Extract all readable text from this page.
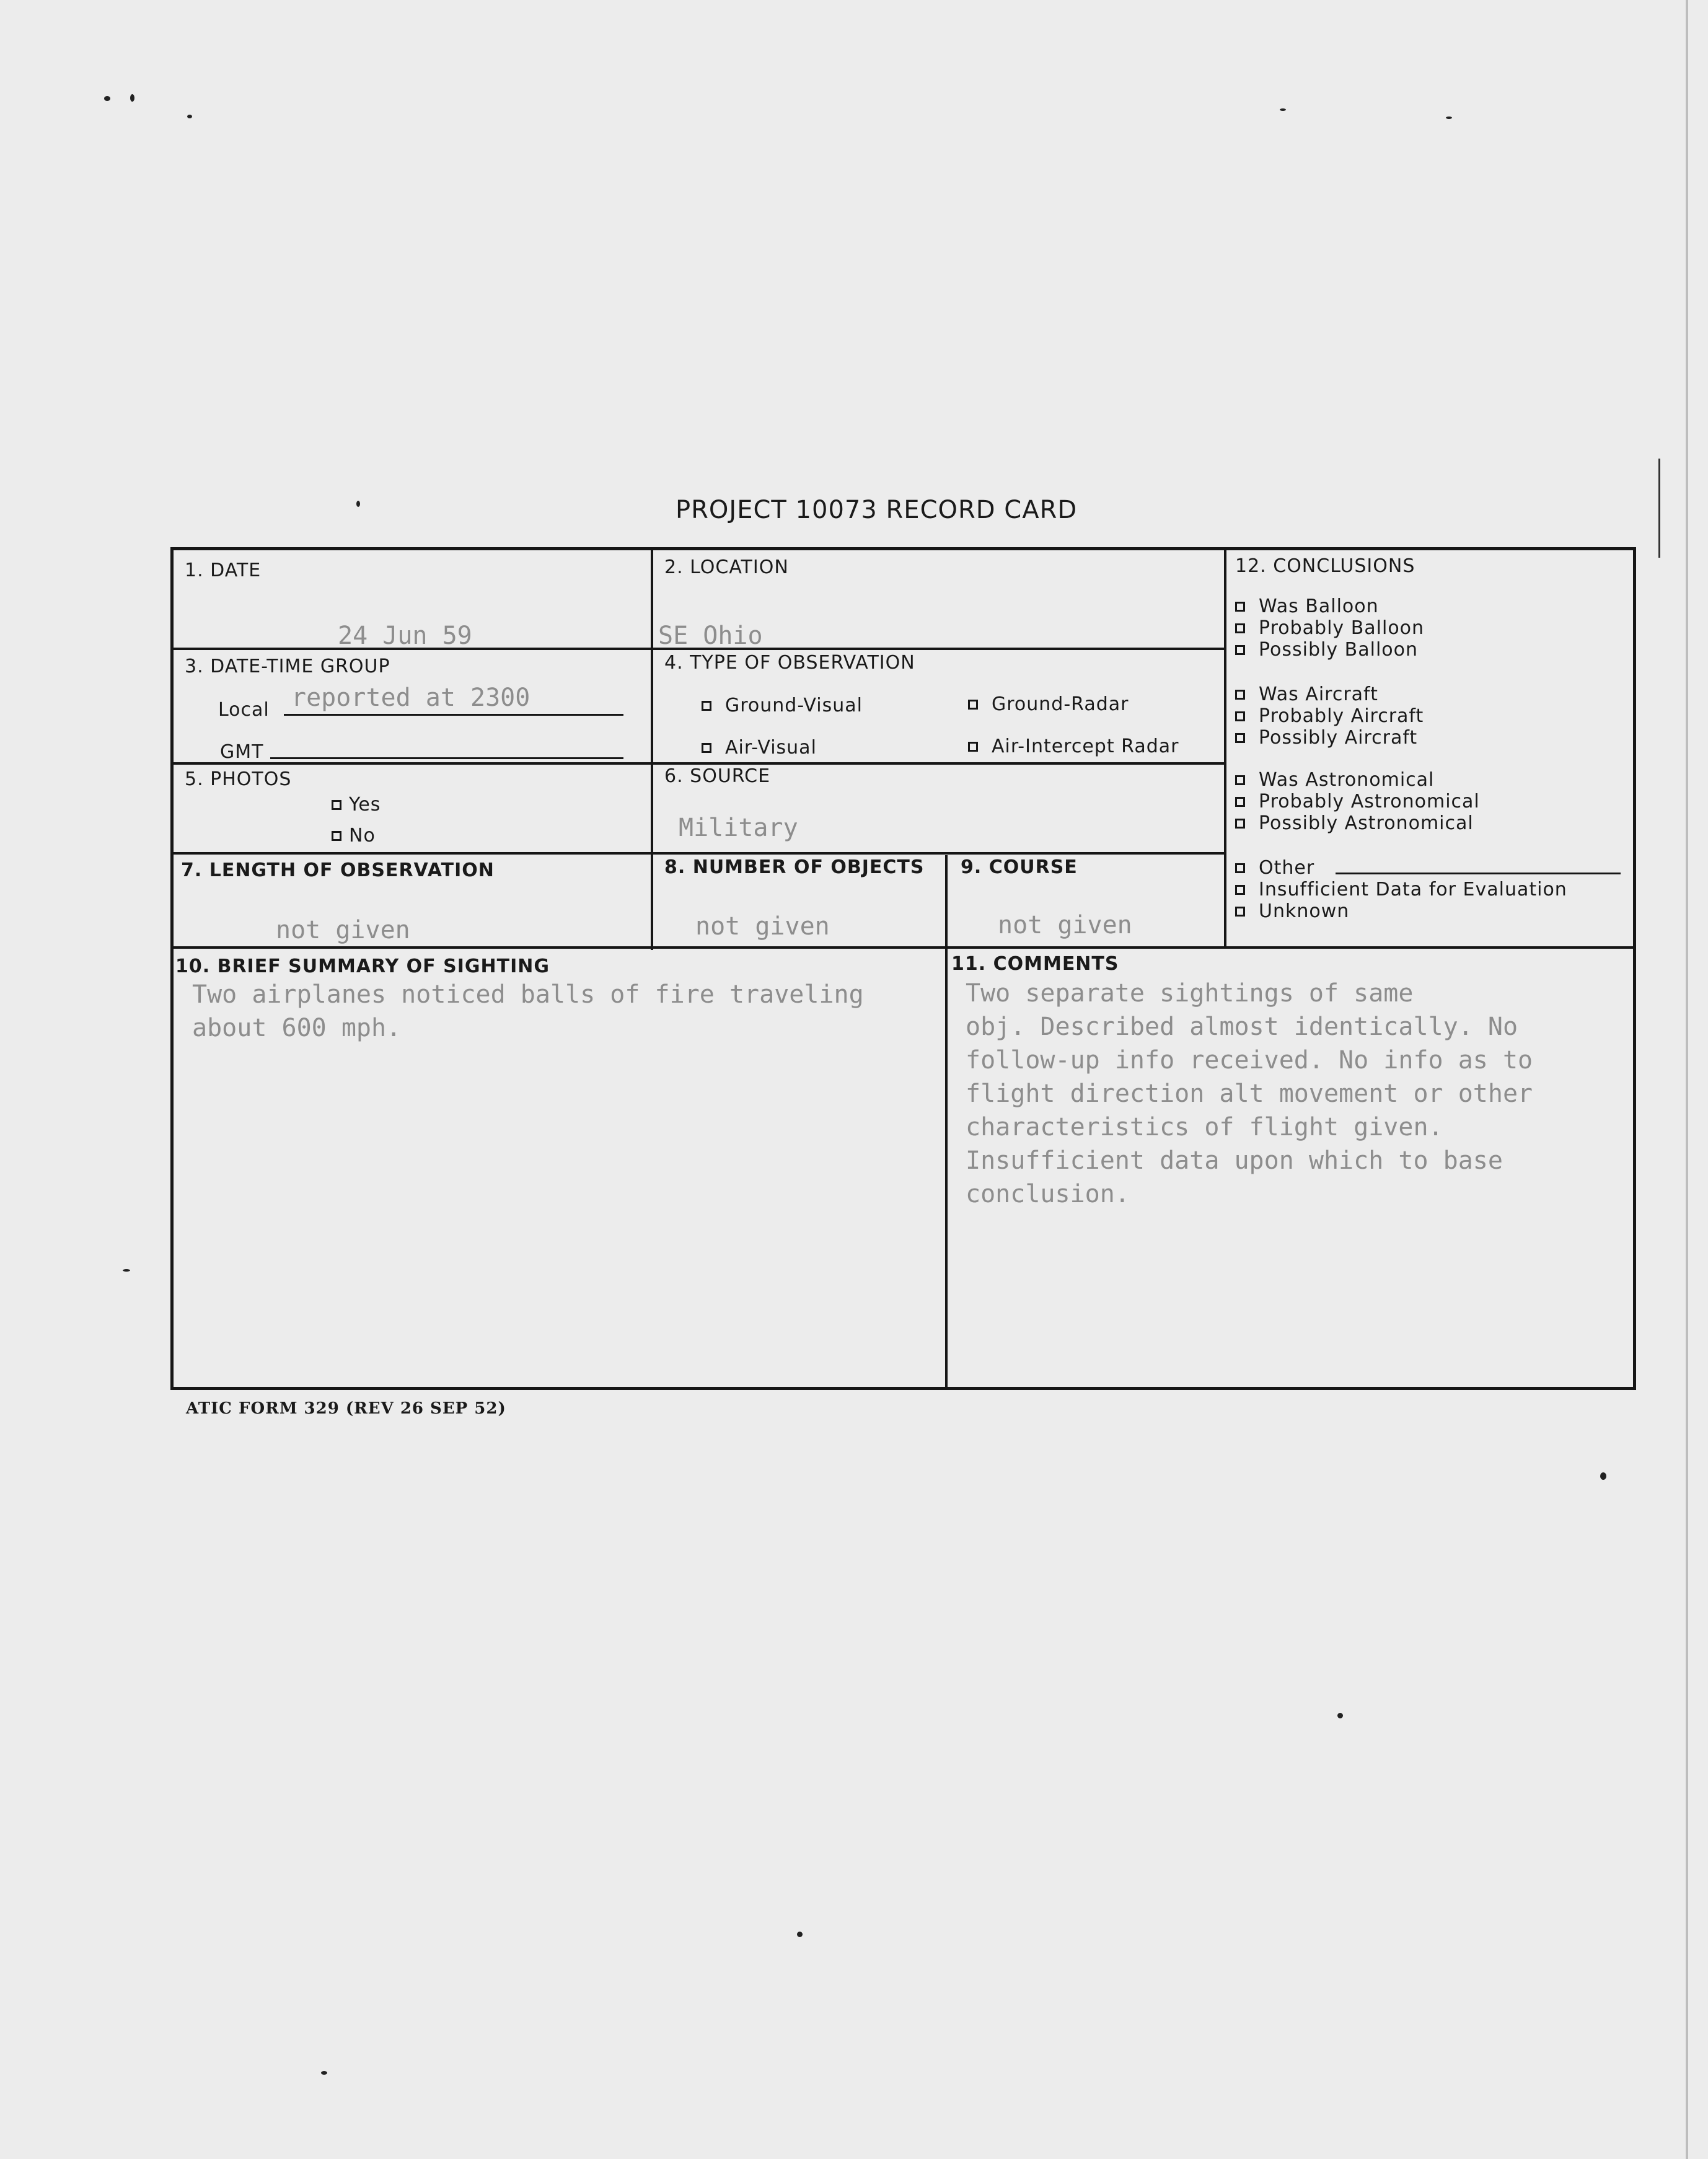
PROJECT 10073 RECORD CARD
1. DATE
24 Jun 59
2. LOCATION
SE Ohio
3. DATE-TIME GROUP
Local reported at 2300
GMT
4. TYPE OF OBSERVATION
Ground-Visual	Ground-Radar
Air-Visual	Air-Intercept Radar
5. PHOTOS
Yes
No
6. SOURCE
Military
7. LENGTH OF OBSERVATION
not given
8. NUMBER OF OBJECTS
not given
9. COURSE
not given
10. BRIEF SUMMARY OF SIGHTING
Two airplanes noticed balls of fire traveling
about 600 mph.
11. COMMENTS
Two separate sightings of same
obj. Described almost identically. No
follow-up info received. No info as to
flight direction alt movement or other
characteristics of flight given.
Insufficient data upon which to base
conclusion.
12. CONCLUSIONS
Was Balloon
Probably Balloon
Possibly Balloon
Was Aircraft
Probably Aircraft
Possibly Aircraft
Was Astronomical
Probably Astronomical
Possibly Astronomical
Other
Insufficient Data for Evaluation
Unknown
ATIC FORM 329 (REV 26 SEP 52)
